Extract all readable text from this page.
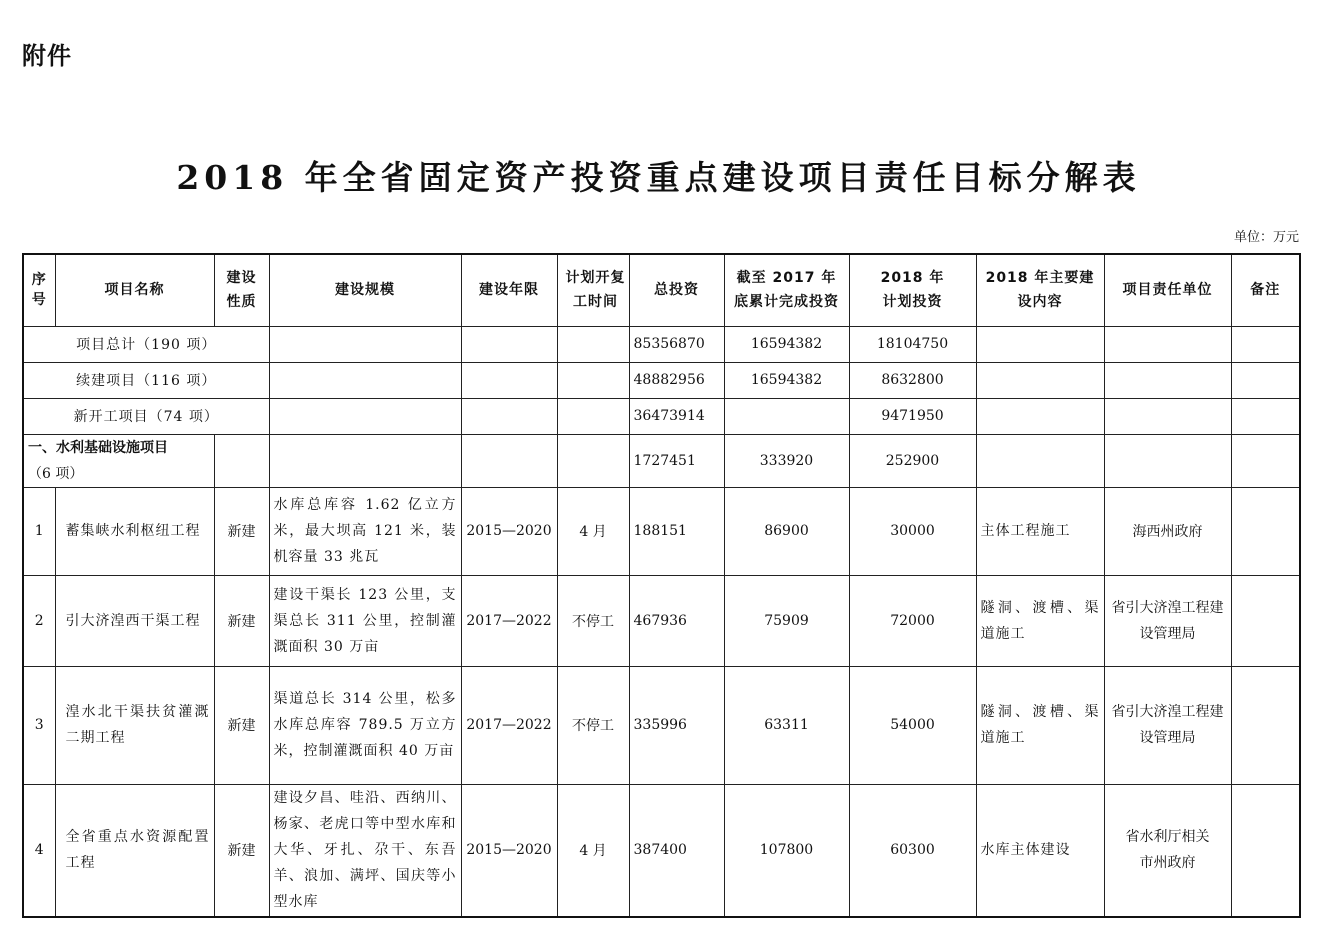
附件
2018 年全省固定资产投资重点建设项目责任目标分解表
单位：万元
序号	项目名称	建设性质	建设规模	建设年限	计划开复工时间	总投资	截至 2017 年底累计完成投资	2018 年计划投资	2018 年主要建设内容	项目责任单位	备注
项目总计（190 项）						85356870	16594382	18104750			
续建项目（116 项）						48882956	16594382	8632800			
新开工项目（74 项）						36473914		9471950			
一、水利基础设施项目
（6 项）						1727451	333920	252900			
1	蓄集峡水利枢纽工程	新建	水库总库容 1.62 亿立方米，最大坝高 121 米，装机容量 33 兆瓦	2015—2020	4 月	188151	86900	30000	主体工程施工	海西州政府	
2	引大济湟西干渠工程	新建	建设干渠长 123 公里，支渠总长 311 公里，控制灌溉面积 30 万亩	2017—2022	不停工	467936	75909	72000	隧洞、渡槽、渠道施工	省引大济湟工程建设管理局	

3	湟水北干渠扶贫灌溉二期工程	新建	渠道总长 314 公里，松多水库总库容 789.5 万立方米，控制灌溉面积 40 万亩	2017—2022	不停工	335996	63311	54000	隧洞、渡槽、渠道施工	省引大济湟工程建设管理局	

4	全省重点水资源配置工程	新建	建设夕昌、哇沿、西纳川、杨家、老虎口等中型水库和大华、牙扎、尕干、东吾羊、浪加、满坪、国庆等小型水库	2015—2020	4 月	387400	107800	60300	水库主体建设	省水利厅相关市州政府	
